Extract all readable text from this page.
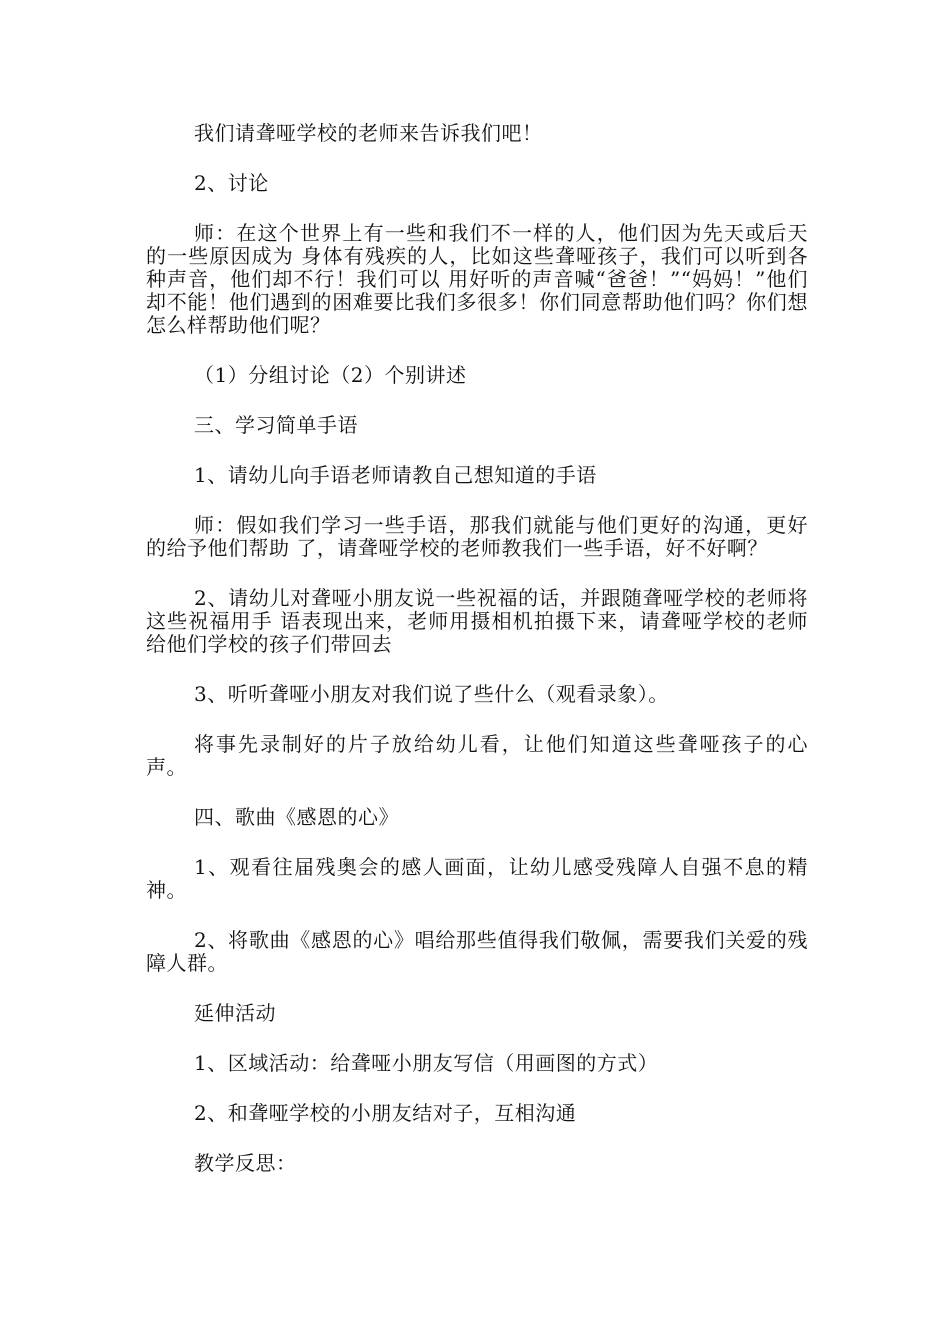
我们请聋哑学校的老师来告诉我们吧！

2、讨论

师：在这个世界上有一些和我们不一样的人，他们因为先天或后天的一些原因成为 身体有残疾的人，比如这些聋哑孩子，我们可以听到各种声音，他们却不行！我们可以 用好听的声音喊“爸爸！”“妈妈！”他们却不能！他们遇到的困难要比我们多很多！你们同意帮助他们吗？你们想怎么样帮助他们呢？

（1）分组讨论（2）个别讲述

三、学习简单手语

1、请幼儿向手语老师请教自己想知道的手语

师：假如我们学习一些手语，那我们就能与他们更好的沟通，更好的给予他们帮助 了，请聋哑学校的老师教我们一些手语，好不好啊？

2、请幼儿对聋哑小朋友说一些祝福的话，并跟随聋哑学校的老师将这些祝福用手 语表现出来，老师用摄相机拍摄下来，请聋哑学校的老师给他们学校的孩子们带回去

3、听听聋哑小朋友对我们说了些什么（观看录象）。

将事先录制好的片子放给幼儿看，让他们知道这些聋哑孩子的心声。

四、歌曲《感恩的心》

1、观看往届残奥会的感人画面，让幼儿感受残障人自强不息的精神。

2、将歌曲《感恩的心》唱给那些值得我们敬佩，需要我们关爱的残障人群。

延伸活动

1、区域活动：给聋哑小朋友写信（用画图的方式）

2、和聋哑学校的小朋友结对子，互相沟通

教学反思：
